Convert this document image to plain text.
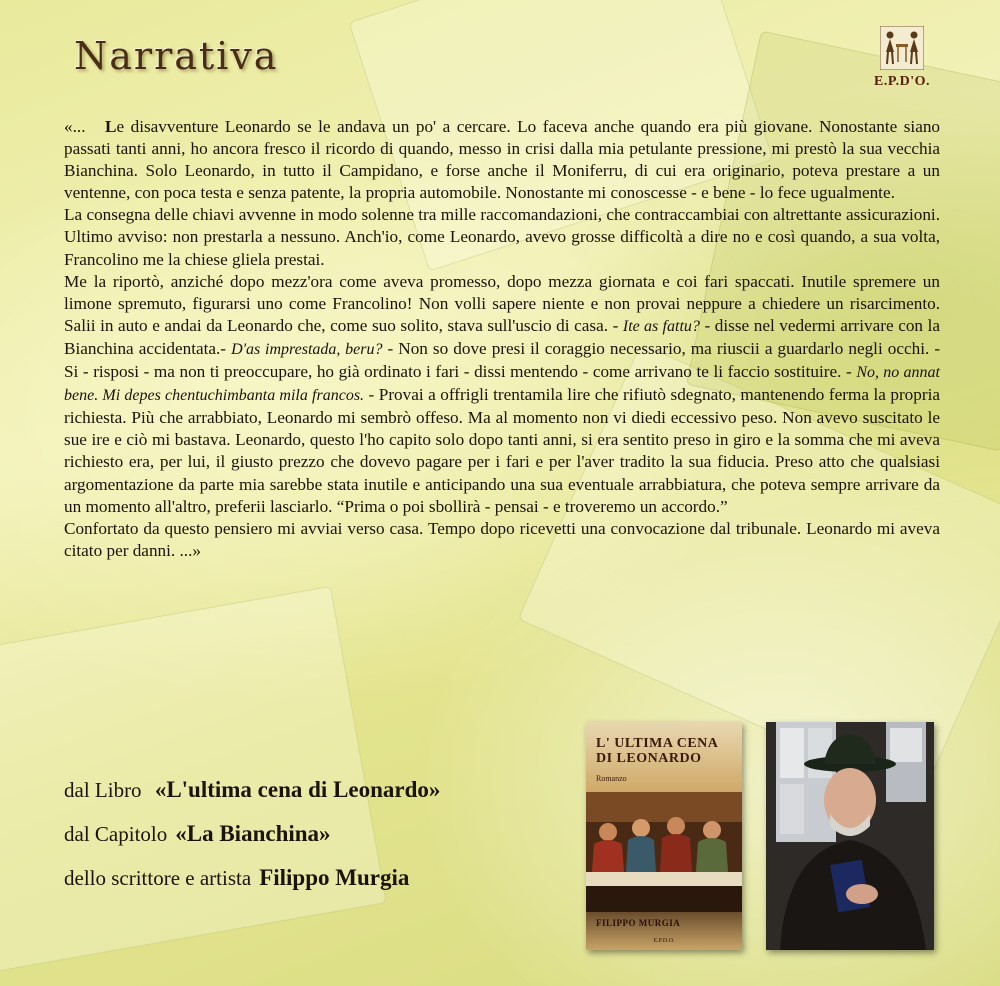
Narrativa
E.P.D'O.

«... Le disavventure Leonardo se le andava un po' a cercare. Lo faceva anche quando era più giovane. Nonostante siano passati tanti anni, ho ancora fresco il ricordo di quando, messo in crisi dalla mia petulante pressione, mi prestò la sua vecchia Bianchina. Solo Leonardo, in tutto il Campidano, e forse anche il Moniferru, di cui era originario, poteva prestare a un ventenne, con poca testa e senza patente, la propria automobile. Nonostante mi conoscesse - e bene - lo fece ugualmente.

La consegna delle chiavi avvenne in modo solenne tra mille raccomandazioni, che contraccambiai con altrettante assicurazioni. Ultimo avviso: non prestarla a nessuno. Anch'io, come Leonardo, avevo grosse difficoltà a dire no e così quando, a sua volta, Francolino me la chiese gliela prestai.

Me la riportò, anziché dopo mezz'ora come aveva promesso, dopo mezza giornata e coi fari spaccati. Inutile spremere un limone spremuto, figurarsi uno come Francolino! Non volli sapere niente e non provai neppure a chiedere un risarcimento. Salii in auto e andai da Leonardo che, come suo solito, stava sull'uscio di casa. - Ite as fattu? - disse nel vedermi arrivare con la Bianchina accidentata.- D'as imprestada, beru? - Non so dove presi il coraggio necessario, ma riuscii a guardarlo negli occhi. - Si - risposi - ma non ti preoccupare, ho già ordinato i fari - dissi mentendo - come arrivano te li faccio sostituire. - No, no annat bene. Mi depes chentuchimbanta mila francos. - Provai a offrigli trentamila lire che rifiutò sdegnato, mantenendo ferma la propria richiesta. Più che arrabbiato, Leonardo mi sembrò offeso. Ma al momento non vi diedi eccessivo peso. Non avevo suscitato le sue ire e ciò mi bastava. Leonardo, questo l'ho capito solo dopo tanti anni, si era sentito preso in giro e la somma che mi aveva richiesto era, per lui, il giusto prezzo che dovevo pagare per i fari e per l'aver tradito la sua fiducia. Preso atto che qualsiasi argomentazione da parte mia sarebbe stata inutile e anticipando una sua eventuale arrabbiatura, che poteva sempre arrivare da un momento all'altro, preferii lasciarlo. “Prima o poi sbollirà - pensai - e troveremo un accordo.”

Confortato da questo pensiero mi avviai verso casa. Tempo dopo ricevetti una convocazione dal tribunale. Leonardo mi aveva citato per danni. ...»

dal Libro «L'ultima cena di Leonardo»
dal Capitolo «La Bianchina»
dello scrittore e artista Filippo Murgia
L' ULTIMA CENA DI LEONARDO
Romanzo
FILIPPO MURGIA
E.P.D.O.
